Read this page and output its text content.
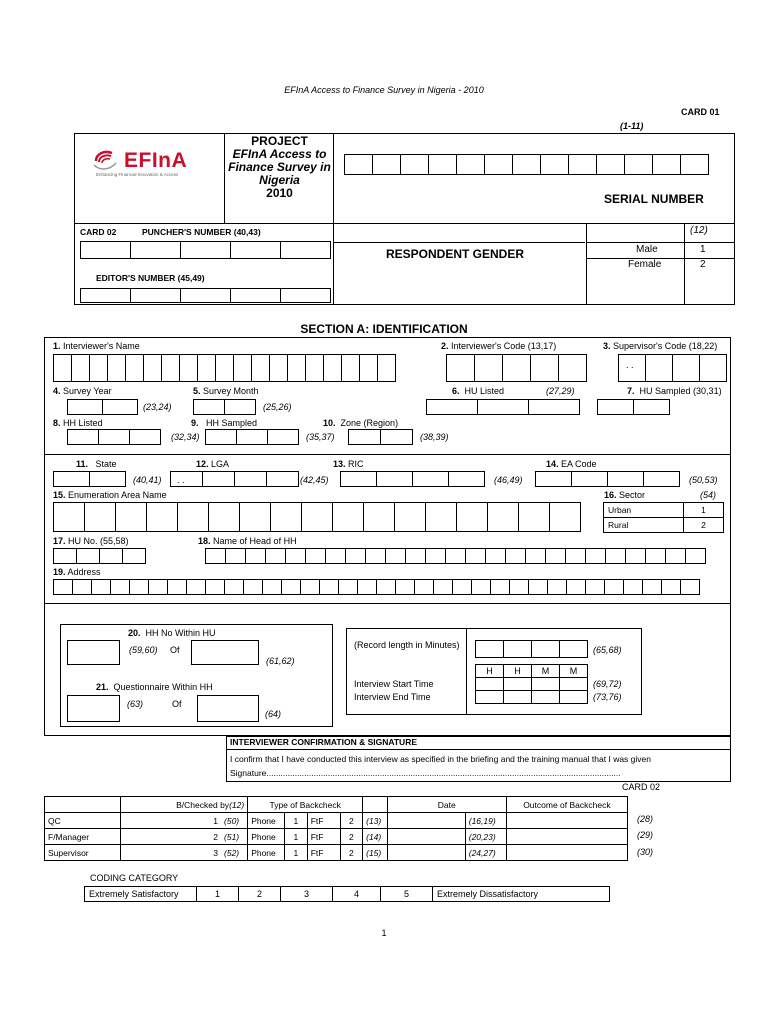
EFInA Access to Finance Survey in Nigeria - 2010
CARD 01
(1-11)
EFInA
Enhancing Financial Innovation & Access
PROJECT
EFInA Access to Finance Survey in Nigeria
2010	SERIAL NUMBER
CARD 02	PUNCHER'S NUMBER (40,43)
EDITOR'S NUMBER (45,49)
RESPONDENT GENDER
(12)
Male	1
Female	2
SECTION A: IDENTIFICATION
1. Interviewer's Name	2. Interviewer's Code (13,17)	3. Supervisor's Code (18,22)
. .
4. Survey Year
(23,24)
5. Survey Month
(25,26)
6. HU Listed	(27,29)	7. HU Sampled (30,31)
8. HH Listed
(32,34)
9. HH Sampled
(35,37)
10. Zone (Region)
(38,39)
11. State
(40,41)
12. LGA
. .	(42,45)
13. RIC
(46,49)
14. EA Code
(50,53)
15. Enumeration Area Name	16. Sector	(54)
Urban	1
Rural	2
17. HU No. (55,58)	18. Name of Head of HH
19. Address
20. HH No Within HU
(59,60) Of
(61,62)
21. Questionnaire Within HH
(63)	Of
(64)
(Record length in Minutes)	(65,68)
H	H	M	M
Interview Start Time
Interview End Time
(69,72)
(73,76)
INTERVIEWER CONFIRMATION & SIGNATURE
I confirm that I have conducted this interview as specified in the briefing and the training manual that I was given
Signature......................................................................................................................................................
CARD 02
	B/Checked by(12)			Type of Backcheck					Date		Outcome of Backcheck
QC		1	(50)	Phone	1	FtF	2	(13)		(16,19)	
F/Manager		2	(51)	Phone	1	FtF	2	(14)		(20,23)	
Supervisor		3	(52)	Phone	1	FtF	2	(15)		(24,27)	
(28)
(29)
(30)
CODING CATEGORY
Extremely Satisfactory	1	2	3	4	5	Extremely Dissatisfactory
1
